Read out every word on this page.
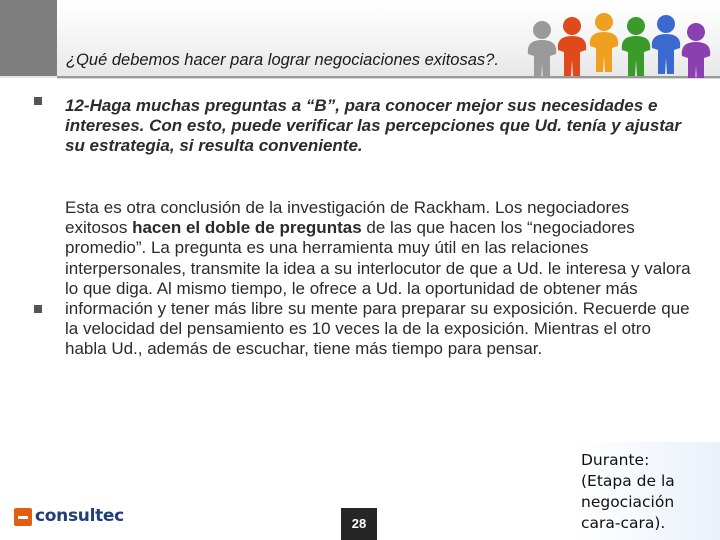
¿Qué debemos hacer para lograr negociaciones exitosas?.
12-Haga muchas preguntas a “B”, para conocer mejor sus necesidades e intereses. Con esto, puede verificar las percepciones que Ud. tenía y ajustar su estrategia, si resulta conveniente.
Esta es otra conclusión de la investigación de Rackham. Los negociadores exitosos hacen el doble de preguntas de las que hacen los “negociadores promedio”. La pregunta es una herramienta muy útil en las relaciones interpersonales, transmite la idea a su interlocutor de que a Ud. le interesa y valora lo que diga. Al mismo tiempo, le ofrece a Ud. la oportunidad de obtener más información y tener más libre su mente para preparar su exposición. Recuerde que la velocidad del pensamiento es 10 veces la de la exposición. Mientras el otro habla Ud., además de escuchar, tiene más tiempo para pensar.
consultec	28
Durante:
(Etapa de la negociación cara-cara).
